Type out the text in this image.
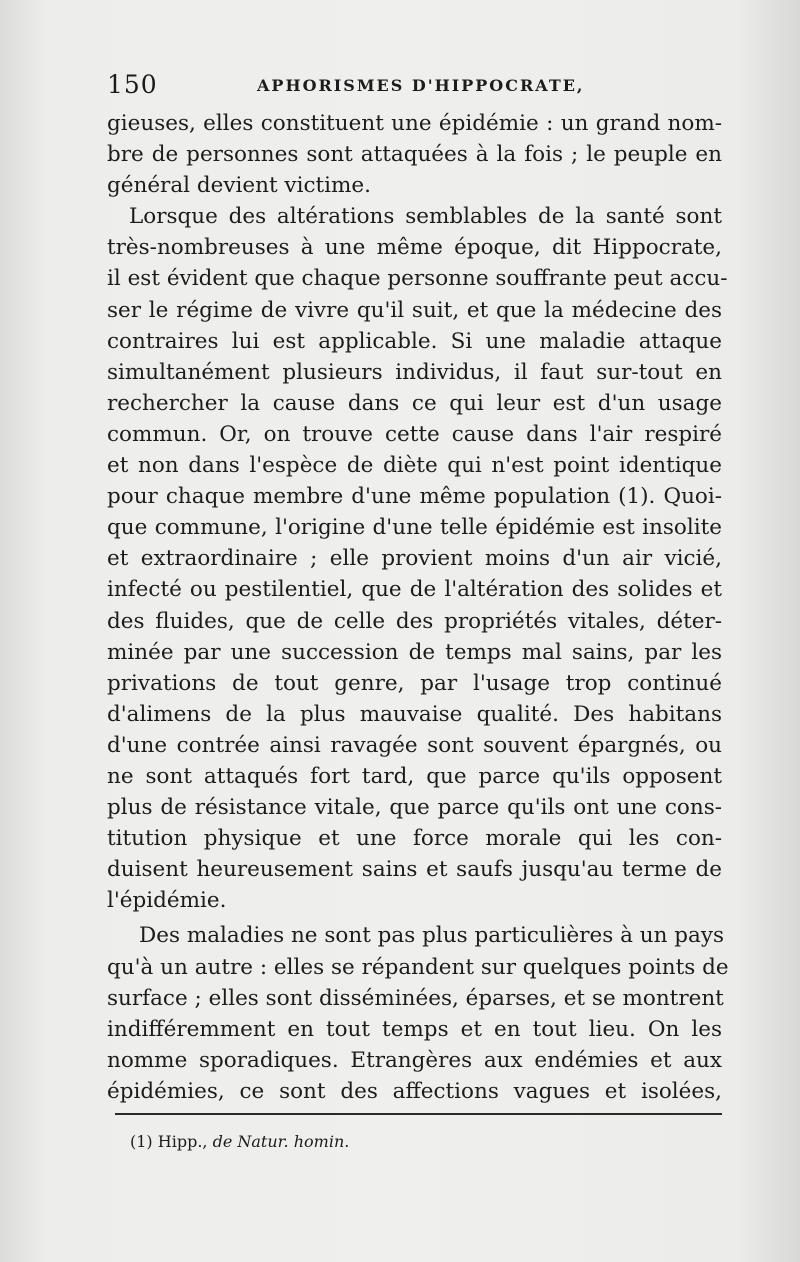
150	APHORISMES D'HIPPOCRATE,
gieuses, elles constituent une épidémie : un grand nom-
bre de personnes sont attaquées à la fois ; le peuple en
général devient victime.
Lorsque des altérations semblables de la santé sont
très-nombreuses à une même époque, dit Hippocrate,
il est évident que chaque personne souffrante peut accu-
ser le régime de vivre qu'il suit, et que la médecine des
contraires lui est applicable. Si une maladie attaque
simultanément plusieurs individus, il faut sur-tout en
rechercher la cause dans ce qui leur est d'un usage
commun. Or, on trouve cette cause dans l'air respiré
et non dans l'espèce de diète qui n'est point identique
pour chaque membre d'une même population (1). Quoi-
que commune, l'origine d'une telle épidémie est insolite
et extraordinaire ; elle provient moins d'un air vicié,
infecté ou pestilentiel, que de l'altération des solides et
des fluides, que de celle des propriétés vitales, déter-
minée par une succession de temps mal sains, par les
privations de tout genre, par l'usage trop continué
d'alimens de la plus mauvaise qualité. Des habitans
d'une contrée ainsi ravagée sont souvent épargnés, ou
ne sont attaqués fort tard, que parce qu'ils opposent
plus de résistance vitale, que parce qu'ils ont une cons-
titution physique et une force morale qui les con-
duisent heureusement sains et saufs jusqu'au terme de
l'épidémie.
Des maladies ne sont pas plus particulières à un pays
qu'à un autre : elles se répandent sur quelques points de
surface ; elles sont disséminées, éparses, et se montrent
indifféremment en tout temps et en tout lieu. On les
nomme sporadiques. Etrangères aux endémies et aux
épidémies, ce sont des affections vagues et isolées,
(1) Hipp., de Natur. homin.
